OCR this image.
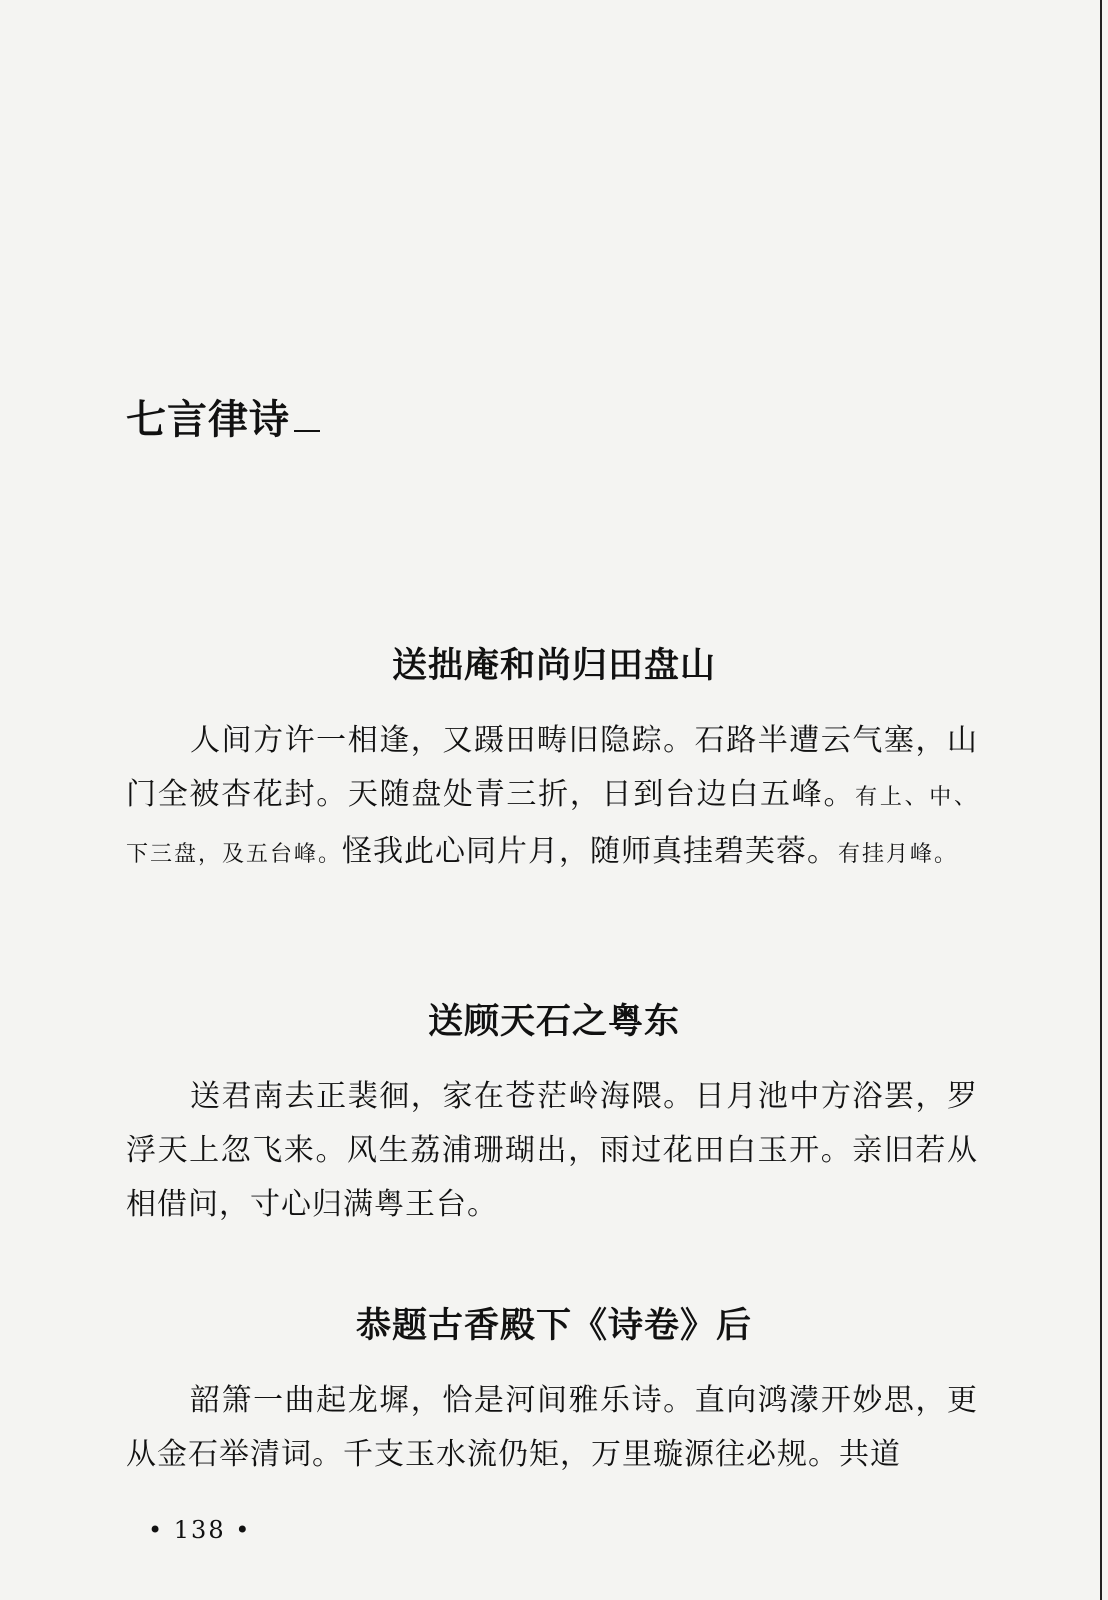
七言律诗
送拙庵和尚归田盘山
人间方许一相逢，又蹑田畴旧隐踪。石路半遭云气塞，山门全被杏花封。天随盘处青三折，日到台边白五峰。有上、中、下三盘，及五台峰。怪我此心同片月，随师真挂碧芙蓉。有挂月峰。
送顾天石之粤东
送君南去正裴徊，家在苍茫岭海隈。日月池中方浴罢，罗浮天上忽飞来。风生荔浦珊瑚出，雨过花田白玉开。亲旧若从相借问，寸心归满粤王台。
恭题古香殿下《诗卷》后
韶箫一曲起龙墀，恰是河间雅乐诗。直向鸿濛开妙思，更从金石举清词。千支玉水流仍矩，万里璇源往必规。共道
• 138 •
